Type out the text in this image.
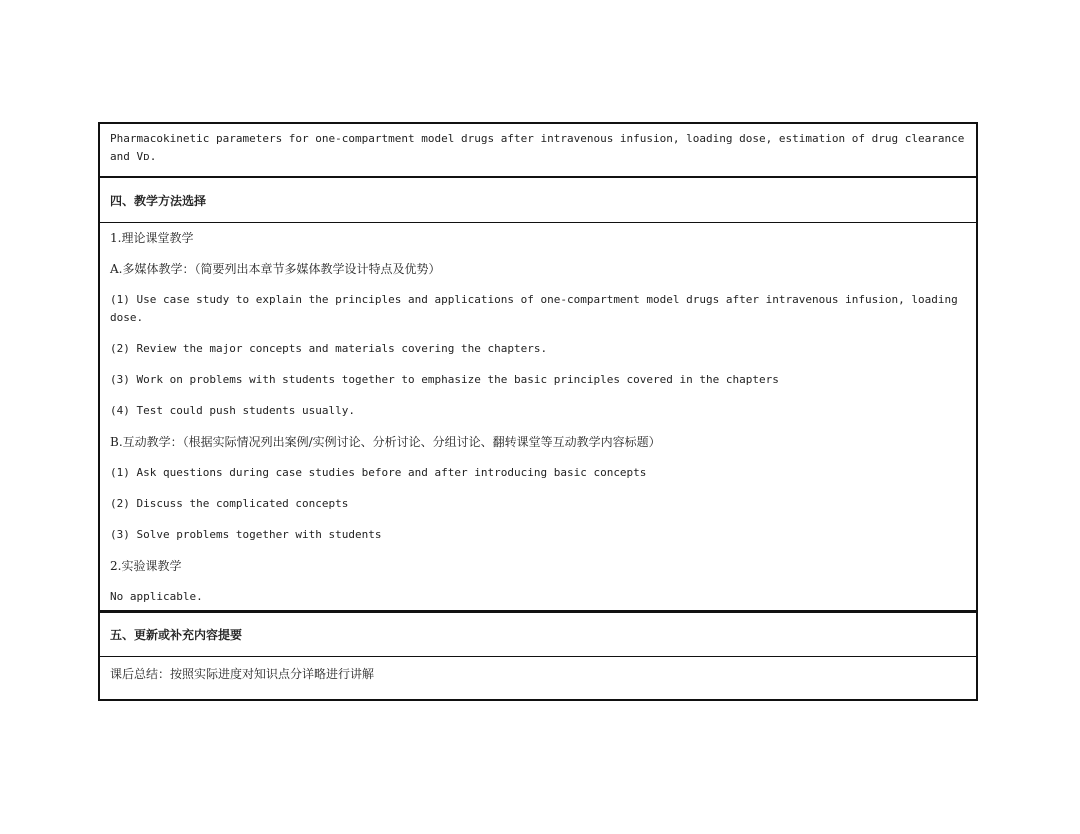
Pharmacokinetic parameters for one-compartment model drugs after intravenous infusion, loading dose, estimation of drug clearance and Vᴅ.
四、教学方法选择
1.理论课堂教学
A.多媒体教学：（简要列出本章节多媒体教学设计特点及优势）
(1) Use case study to explain the principles and applications of one-compartment model drugs after intravenous infusion, loading dose.
(2) Review the major concepts and materials covering the chapters.
(3) Work on problems with students together to emphasize the basic principles covered in the chapters
(4) Test could push students usually.
B.互动教学：（根据实际情况列出案例/实例讨论、分析讨论、分组讨论、翻转课堂等互动教学内容标题）
(1) Ask questions during case studies before and after introducing basic concepts
(2) Discuss the complicated concepts
(3) Solve problems together with students
2.实验课教学
No applicable.
五、更新或补充内容提要
课后总结：按照实际进度对知识点分详略进行讲解
